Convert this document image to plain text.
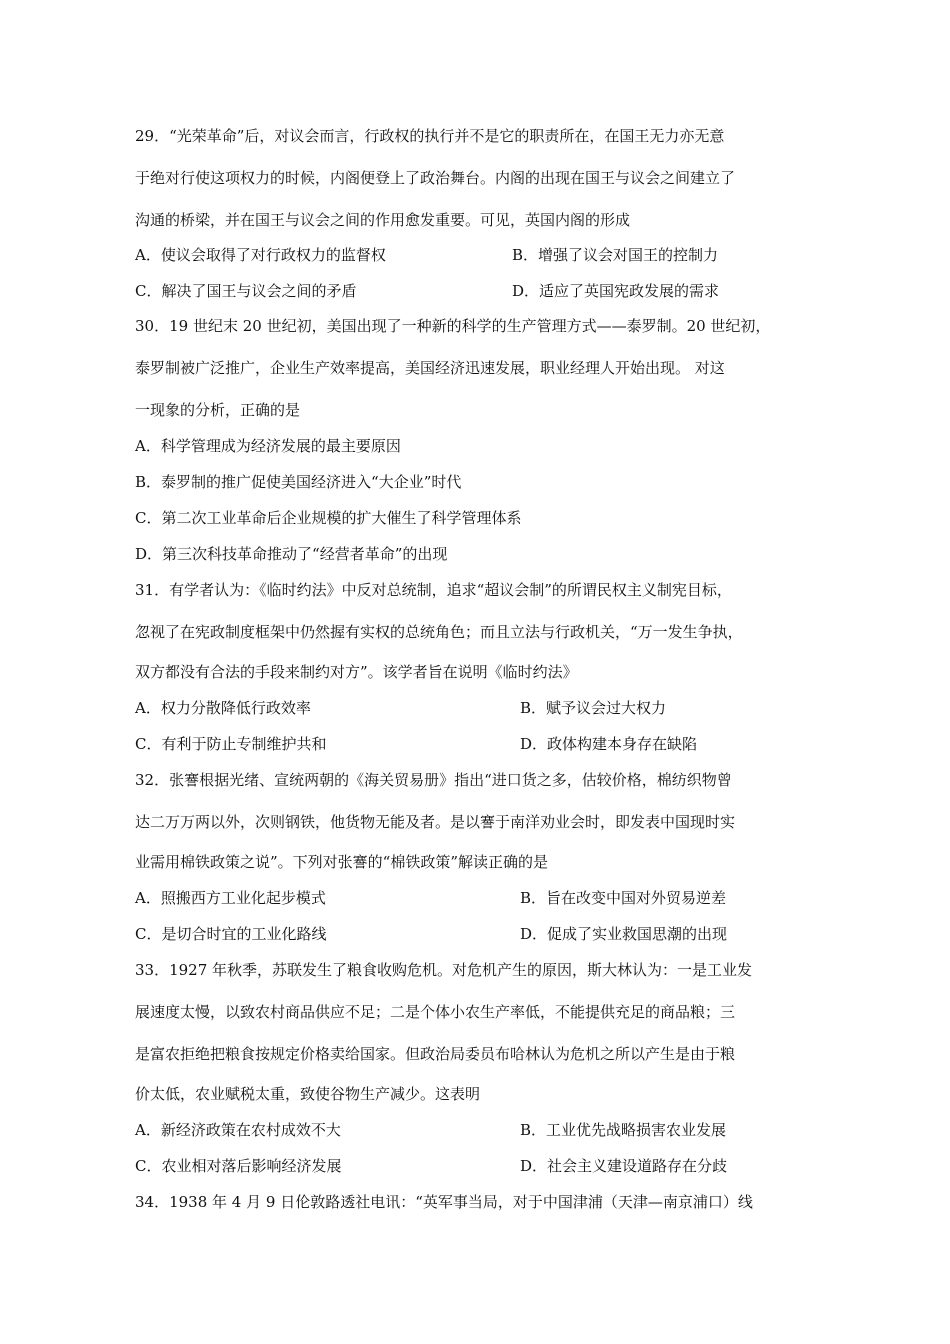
29．“光荣革命”后，对议会而言，行政权的执行并不是它的职责所在，在国王无力亦无意
于绝对行使这项权力的时候，内阁便登上了政治舞台。内阁的出现在国王与议会之间建立了
沟通的桥梁，并在国王与议会之间的作用愈发重要。可见，英国内阁的形成
A．使议会取得了对行政权力的监督权	B．增强了议会对国王的控制力
C．解决了国王与议会之间的矛盾	D．适应了英国宪政发展的需求
30．19 世纪末 20 世纪初，美国出现了一种新的科学的生产管理方式——泰罗制。20 世纪初，
泰罗制被广泛推广，企业生产效率提高，美国经济迅速发展，职业经理人开始出现。 对这
一现象的分析，正确的是
A．科学管理成为经济发展的最主要原因
B．泰罗制的推广促使美国经济进入“大企业”时代
C．第二次工业革命后企业规模的扩大催生了科学管理体系
D．第三次科技革命推动了“经营者革命”的出现
31．有学者认为：《临时约法》中反对总统制，追求“超议会制”的所谓民权主义制宪目标，
忽视了在宪政制度框架中仍然握有实权的总统角色；而且立法与行政机关，“万一发生争执，
双方都没有合法的手段来制约对方”。该学者旨在说明《临时约法》
A．权力分散降低行政效率	B．赋予议会过大权力
C．有利于防止专制维护共和	D．政体构建本身存在缺陷
32．张謇根据光绪、宣统两朝的《海关贸易册》指出“进口货之多，估较价格，棉纺织物曾
达二万万两以外，次则钢铁，他货物无能及者。是以謇于南洋劝业会时，即发表中国现时实
业需用棉铁政策之说”。下列对张謇的“棉铁政策”解读正确的是
A．照搬西方工业化起步模式	B．旨在改变中国对外贸易逆差
C．是切合时宜的工业化路线	D．促成了实业救国思潮的出现
33．1927 年秋季，苏联发生了粮食收购危机。对危机产生的原因，斯大林认为：一是工业发
展速度太慢，以致农村商品供应不足；二是个体小农生产率低，不能提供充足的商品粮；三
是富农拒绝把粮食按规定价格卖给国家。但政治局委员布哈林认为危机之所以产生是由于粮
价太低，农业赋税太重，致使谷物生产减少。这表明
A．新经济政策在农村成效不大	B．工业优先战略损害农业发展
C．农业相对落后影响经济发展	D．社会主义建设道路存在分歧
34．1938 年 4 月 9 日伦敦路透社电讯：“英军事当局，对于中国津浦（天津—南京浦口）线
